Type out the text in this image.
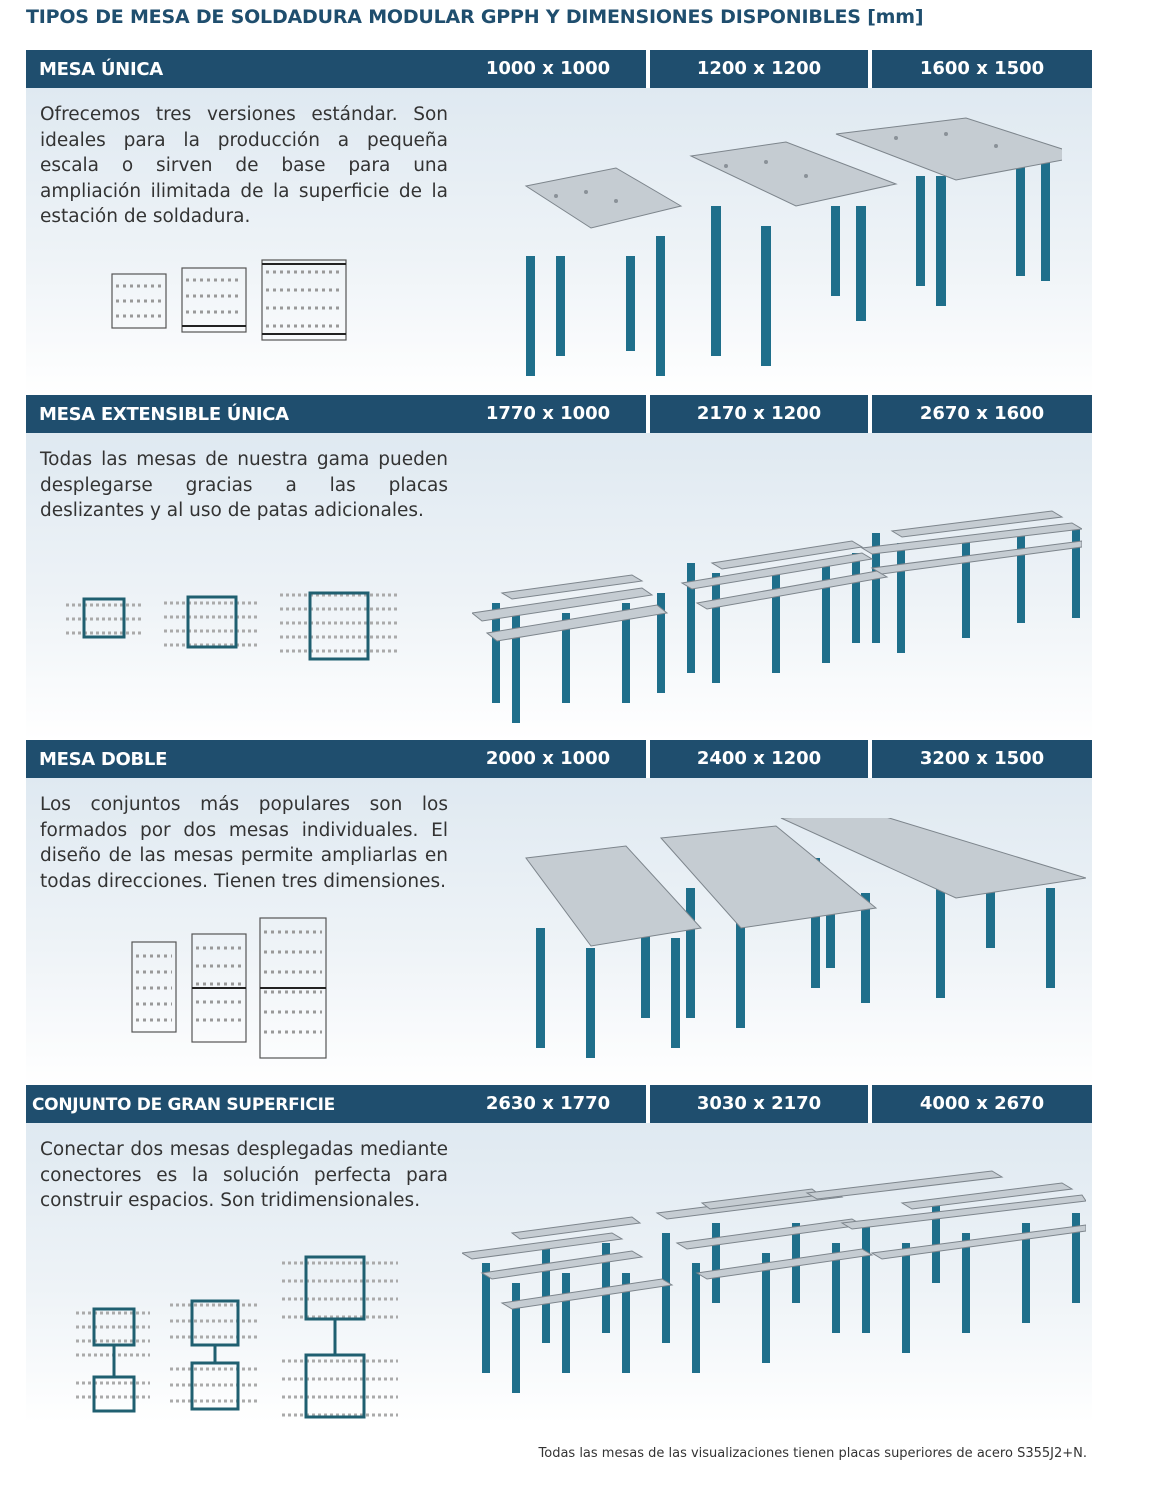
TIPOS DE MESA DE SOLDADURA MODULAR GPPH Y DIMENSIONES DISPONIBLES [mm]
MESA ÚNICA	1000 x 1000	1200 x 1200	1600 x 1500
Ofrecemos tres versiones estándar. Son ideales para la producción a pequeña escala o sirven de base para una ampliación ilimitada de la superficie de la estación de soldadura.
MESA EXTENSIBLE ÚNICA	1770 x 1000	2170 x 1200	2670 x 1600
Todas las mesas de nuestra gama pueden desplegarse gracias a las placas deslizantes y al uso de patas adicionales.
MESA DOBLE	2000 x 1000	2400 x 1200	3200 x 1500
Los conjuntos más populares son los formados por dos mesas individuales. El diseño de las mesas permite ampliarlas en todas direcciones. Tienen tres dimensiones.
CONJUNTO DE GRAN SUPERFICIE	2630 x 1770	3030 x 2170	4000 x 2670
Conectar dos mesas desplegadas mediante conectores es la solución perfecta para construir espacios. Son tridimensionales.
Todas las mesas de las visualizaciones tienen placas superiores de acero S355J2+N.
